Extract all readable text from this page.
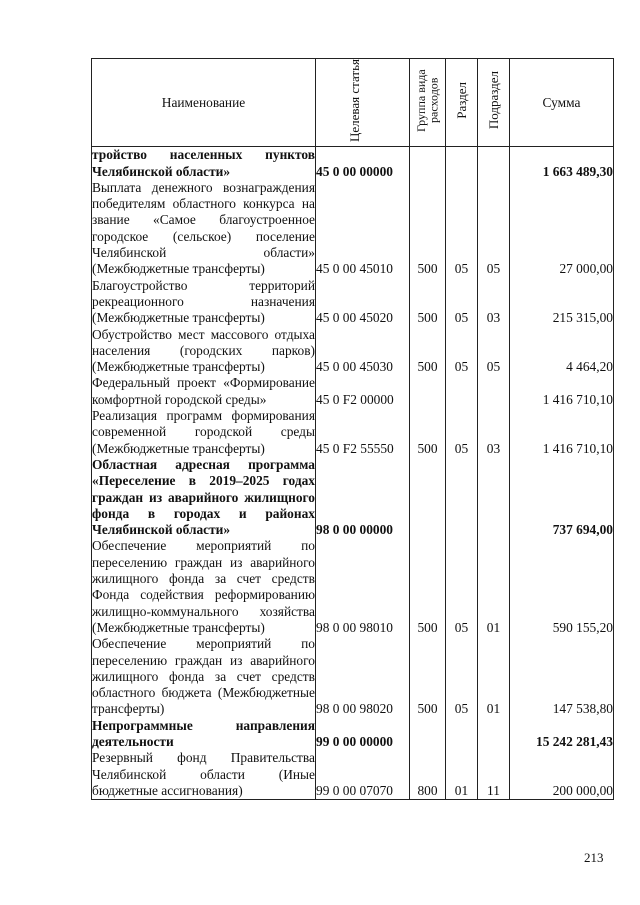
Наименование	Целевая статья	Группа вида расходов	Раздел	Подраздел	Сумма
тройство населенных пунктов Челябинской области»	45 0 00 00000				1 663 489,30
Выплата денежного вознаграждения победителям областного конкурса на звание «Самое благоустроенное городское (сельское) поселение Челябинской области» (Межбюджетные трансферты)	45 0 00 45010	500	05	05	27 000,00
Благоустройство территорий рекреационного назначения (Межбюджетные трансферты)	45 0 00 45020	500	05	03	215 315,00
Обустройство мест массового отдыха населения (городских парков) (Межбюджетные трансферты)	45 0 00 45030	500	05	05	4 464,20
Федеральный проект «Формирование комфортной городской среды»	45 0 F2 00000				1 416 710,10
Реализация программ формирования современной городской среды (Межбюджетные трансферты)	45 0 F2 55550	500	05	03	1 416 710,10
Областная адресная программа «Переселение в 2019–2025 годах граждан из аварийного жилищного фонда в городах и районах Челябинской области»	98 0 00 00000				737 694,00
Обеспечение мероприятий по переселению граждан из аварийного жилищного фонда за счет средств Фонда содействия реформированию жилищно-коммунального хозяйства (Межбюджетные трансферты)	98 0 00 98010	500	05	01	590 155,20
Обеспечение мероприятий по переселению граждан из аварийного жилищного фонда за счет средств областного бюджета (Межбюджетные трансферты)	98 0 00 98020	500	05	01	147 538,80
Непрограммные направления деятельности	99 0 00 00000				15 242 281,43
Резервный фонд Правительства Челябинской области (Иные бюджетные ассигнования)	99 0 00 07070	800	01	11	200 000,00
213
